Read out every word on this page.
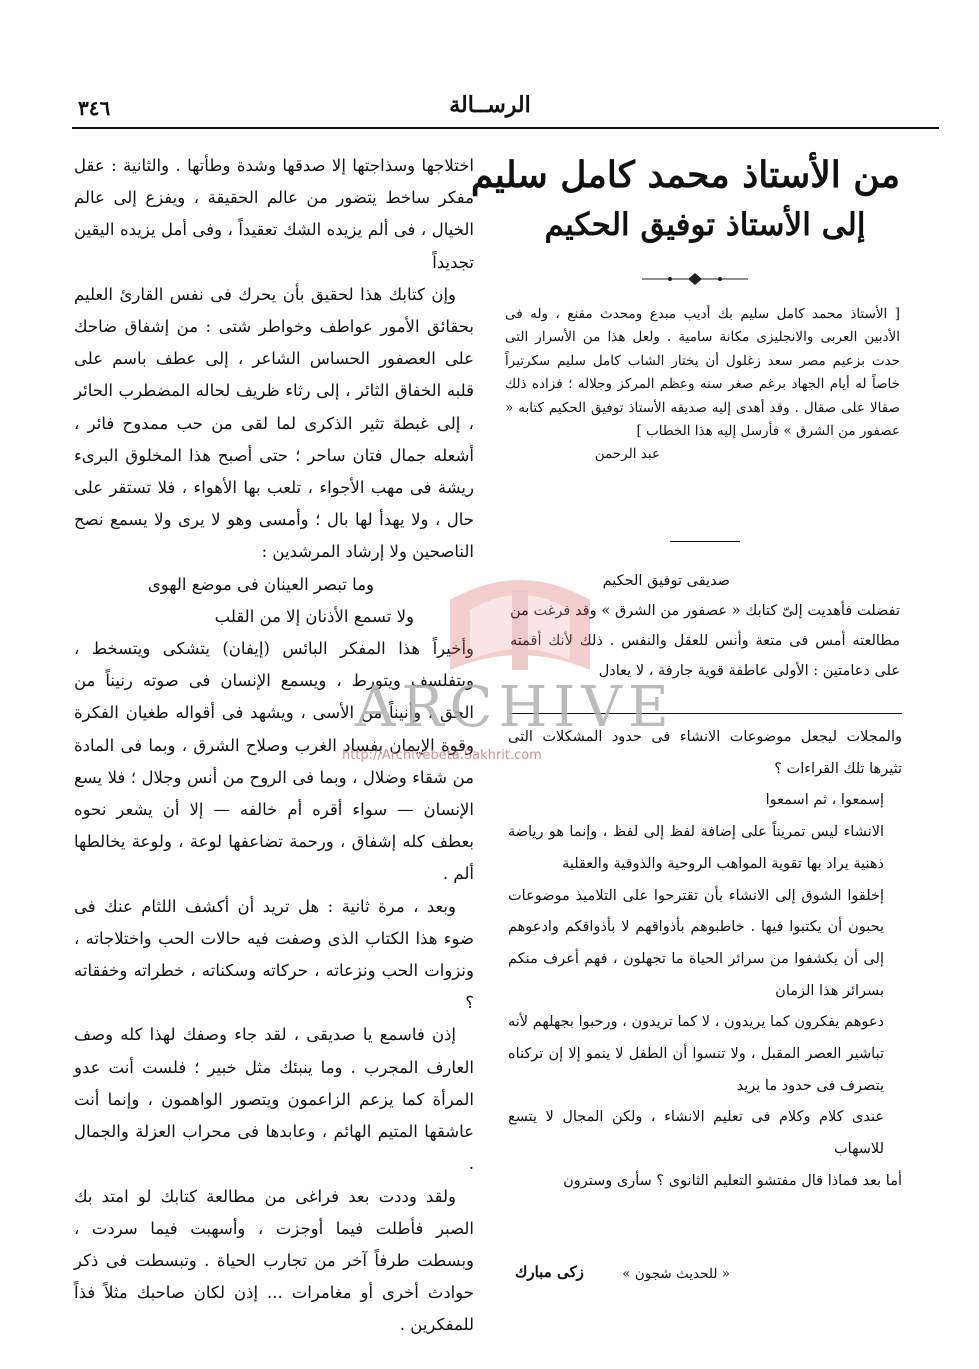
٣٤٦	الرســالة
من الأستاذ محمد كامل سليم
إلى الأستاذ توفيق الحكيم

[ الأستاذ محمد كامل سليم بك أديب مبدع ومحدث مقنع ، وله فى الأدبين العربى والانجليزى مكانة سامية . ولعل هذا من الأسرار التى حدت بزعيم مصر سعد زغلول أن يختار الشاب كامل سليم سكرتيراً خاصاً له أيام الجهاد برغم صغر سنه وعظم المركز وجلاله ؛ فزاده ذلك صقالا على صقال . وقد أهدى إليه صديقه الأستاذ توفيق الحكيم كتابه « عصفور من الشرق » فأرسل إليه هذا الخطاب ]

عبد الرحمن

صديقى توفيق الحكيم

تفضلت فأهديت إلىّ كتابك « عصفور من الشرق » وقد فرغت من مطالعته أمس فى متعة وأنس للعقل والنفس . ذلك لأنك أقمته على دعامتين : الأولى عاطفة قوية جارفة ، لا يعادل

والمجلات ليجعل موضوعات الانشاء فى حدود المشكلات التى تثيرها تلك القراءات ؟

إسمعوا ، ثم اسمعوا

الانشاء ليس تمريناً على إضافة لفظ إلى لفظ ، وإنما هو رياضة ذهنية يراد بها تقوية المواهب الروحية والذوقية والعقلية

إخلقوا الشوق إلى الانشاء بأن تقترحوا على التلاميذ موضوعات يحبون أن يكتبوا فيها . خاطبوهم بأذواقهم لا بأذواقكم وادعوهم إلى أن يكشفوا من سرائر الحياة ما تجهلون ، فهم أعرف منكم بسرائر هذا الزمان

دعوهم يفكرون كما يريدون ، لا كما تريدون ، ورحبوا بجهلهم لأنه تباشير العصر المقبل ، ولا تنسوا أن الطفل لا ينمو إلا إن تركناه يتصرف فى حدود ما يريد

عندى كلام وكلام فى تعليم الانشاء ، ولكن المجال لا يتسع للاسهاب

أما بعد فماذا قال مفتشو التعليم الثانوى ؟ سأرى وسترون

« للحديث شجون »
زكى مبارك

اختلاجها وسذاجتها إلا صدقها وشدة وطأتها . والثانية : عقل مفكر ساخط يتضور من عالم الحقيقة ، ويفزع إلى عالم الخيال ، فى ألم يزيده الشك تعقيداً ، وفى أمل يزيده اليقين تجديداً

وإن كتابك هذا لحقيق بأن يحرك فى نفس القارئ العليم بحقائق الأمور عواطف وخواطر شتى : من إشفاق ضاحك على العصفور الحساس الشاعر ، إلى عطف باسم على قلبه الخفاق الثائر ، إلى رثاء ظريف لحاله المضطرب الحائر ، إلى غبطة تثير الذكرى لما لقى من حب ممدوح فائر ، أشعله جمال فتان ساحر ؛ حتى أصبح هذا المخلوق البرىء ريشة فى مهب الأجواء ، تلعب بها الأهواء ، فلا تستقر على حال ، ولا يهدأ لها بال ؛ وأمسى وهو لا يرى ولا يسمع نصح الناصحين ولا إرشاد المرشدين :

وما تبصر العينان فى موضع الهوى

ولا تسمع الأذنان إلا من القلب

وأخيراً هذا المفكر البائس (إيفان) يتشكى ويتسخط ، ويتفلسف ويتورط ، ويسمع الإنسان فى صوته رنيناً من الحق ، وأنيناً من الأسى ، ويشهد فى أقواله طغيان الفكرة وقوة الإيمان بفساد الغرب وصلاح الشرق ، وبما فى المادة من شقاء وضلال ، وبما فى الروح من أنس وجلال ؛ فلا يسع الإنسان — سواء أقره أم خالفه — إلا أن يشعر نحوه بعطف كله إشفاق ، ورحمة تضاعفها لوعة ، ولوعة يخالطها ألم .

وبعد ، مرة ثانية : هل تريد أن أكشف اللثام عنك فى ضوء هذا الكتاب الذى وصفت فيه حالات الحب واختلاجاته ، ونزوات الحب ونزعاته ، حركاته وسكناته ، خطراته وخفقاته ؟

إذن فاسمع يا صديقى ، لقد جاء وصفك لهذا كله وصف العارف المجرب . وما ينبئك مثل خبير ؛ فلست أنت عدو المرأة كما يزعم الزاعمون ويتصور الواهمون ، وإنما أنت عاشقها المتيم الهائم ، وعابدها فى محراب العزلة والجمال .

ولقد وددت بعد فراغى من مطالعة كتابك لو امتد بك الصبر فأطلت فيما أوجزت ، وأسهبت فيما سردت ، وبسطت طرفاً آخر من تجارب الحياة . وتبسطت فى ذكر حوادث أخرى أو مغامرات ... إذن لكان صاحبك مثلاً فذاً للمفكرين .

ARCHIVE
http://Archivebeta.Sakhrit.com
